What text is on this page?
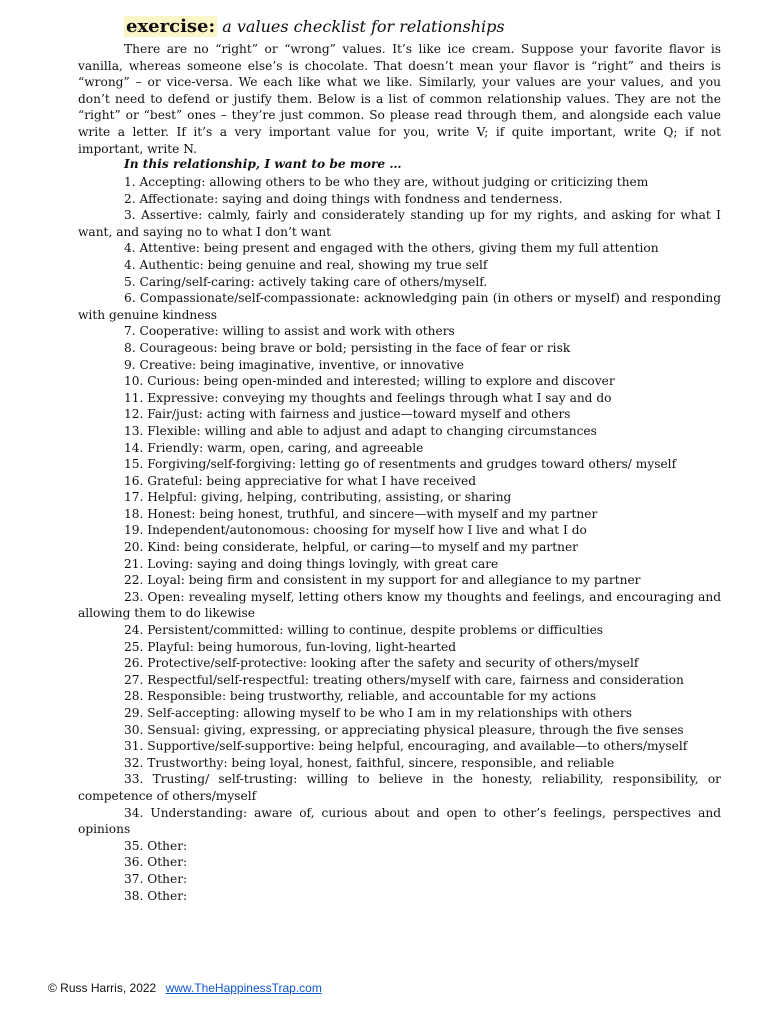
exercise: a values checklist for relationships

There are no “right” or “wrong” values. It’s like ice cream. Suppose your favorite flavor is vanilla, whereas someone else’s is chocolate. That doesn’t mean your flavor is “right” and theirs is “wrong” – or vice-versa. We each like what we like. Similarly, your values are your values, and you don’t need to defend or justify them. Below is a list of common relationship values. They are not the “right” or “best” ones – they’re just common. So please read through them, and alongside each value write a letter. If it’s a very important value for you, write V; if quite important, write Q; if not important, write N.

In this relationship, I want to be more …
1. Accepting: allowing others to be who they are, without judging or criticizing them
2. Affectionate: saying and doing things with fondness and tenderness.
3. Assertive: calmly, fairly and considerately standing up for my rights, and asking for what I want, and saying no to what I don’t want
4. Attentive: being present and engaged with the others, giving them my full attention
4. Authentic: being genuine and real, showing my true self
5. Caring/self-caring: actively taking care of others/myself.
6. Compassionate/self-compassionate: acknowledging pain (in others or myself) and responding with genuine kindness
7. Cooperative: willing to assist and work with others
8. Courageous: being brave or bold; persisting in the face of fear or risk
9. Creative: being imaginative, inventive, or innovative
10. Curious: being open-minded and interested; willing to explore and discover
11. Expressive: conveying my thoughts and feelings through what I say and do
12. Fair/just: acting with fairness and justice—toward myself and others
13. Flexible: willing and able to adjust and adapt to changing circumstances
14. Friendly: warm, open, caring, and agreeable
15. Forgiving/self-forgiving: letting go of resentments and grudges toward others/ myself
16. Grateful: being appreciative for what I have received
17. Helpful: giving, helping, contributing, assisting, or sharing
18. Honest: being honest, truthful, and sincere—with myself and my partner
19. Independent/autonomous: choosing for myself how I live and what I do
20. Kind: being considerate, helpful, or caring—to myself and my partner
21. Loving: saying and doing things lovingly, with great care
22. Loyal: being firm and consistent in my support for and allegiance to my partner
23. Open: revealing myself, letting others know my thoughts and feelings, and encouraging and allowing them to do likewise
24. Persistent/committed: willing to continue, despite problems or difficulties
25. Playful: being humorous, fun-loving, light-hearted
26. Protective/self-protective: looking after the safety and security of others/myself
27. Respectful/self-respectful: treating others/myself with care, fairness and consideration
28. Responsible: being trustworthy, reliable, and accountable for my actions
29. Self-accepting: allowing myself to be who I am in my relationships with others
30. Sensual: giving, expressing, or appreciating physical pleasure, through the five senses
31. Supportive/self-supportive: being helpful, encouraging, and available—to others/myself
32. Trustworthy: being loyal, honest, faithful, sincere, responsible, and reliable
33. Trusting/ self-trusting: willing to believe in the honesty, reliability, responsibility, or competence of others/myself
34. Understanding: aware of, curious about and open to other’s feelings, perspectives and opinions
35. Other:
36. Other:
37. Other:
38. Other:
© Russ Harris, 2022 www.TheHappinessTrap.com
